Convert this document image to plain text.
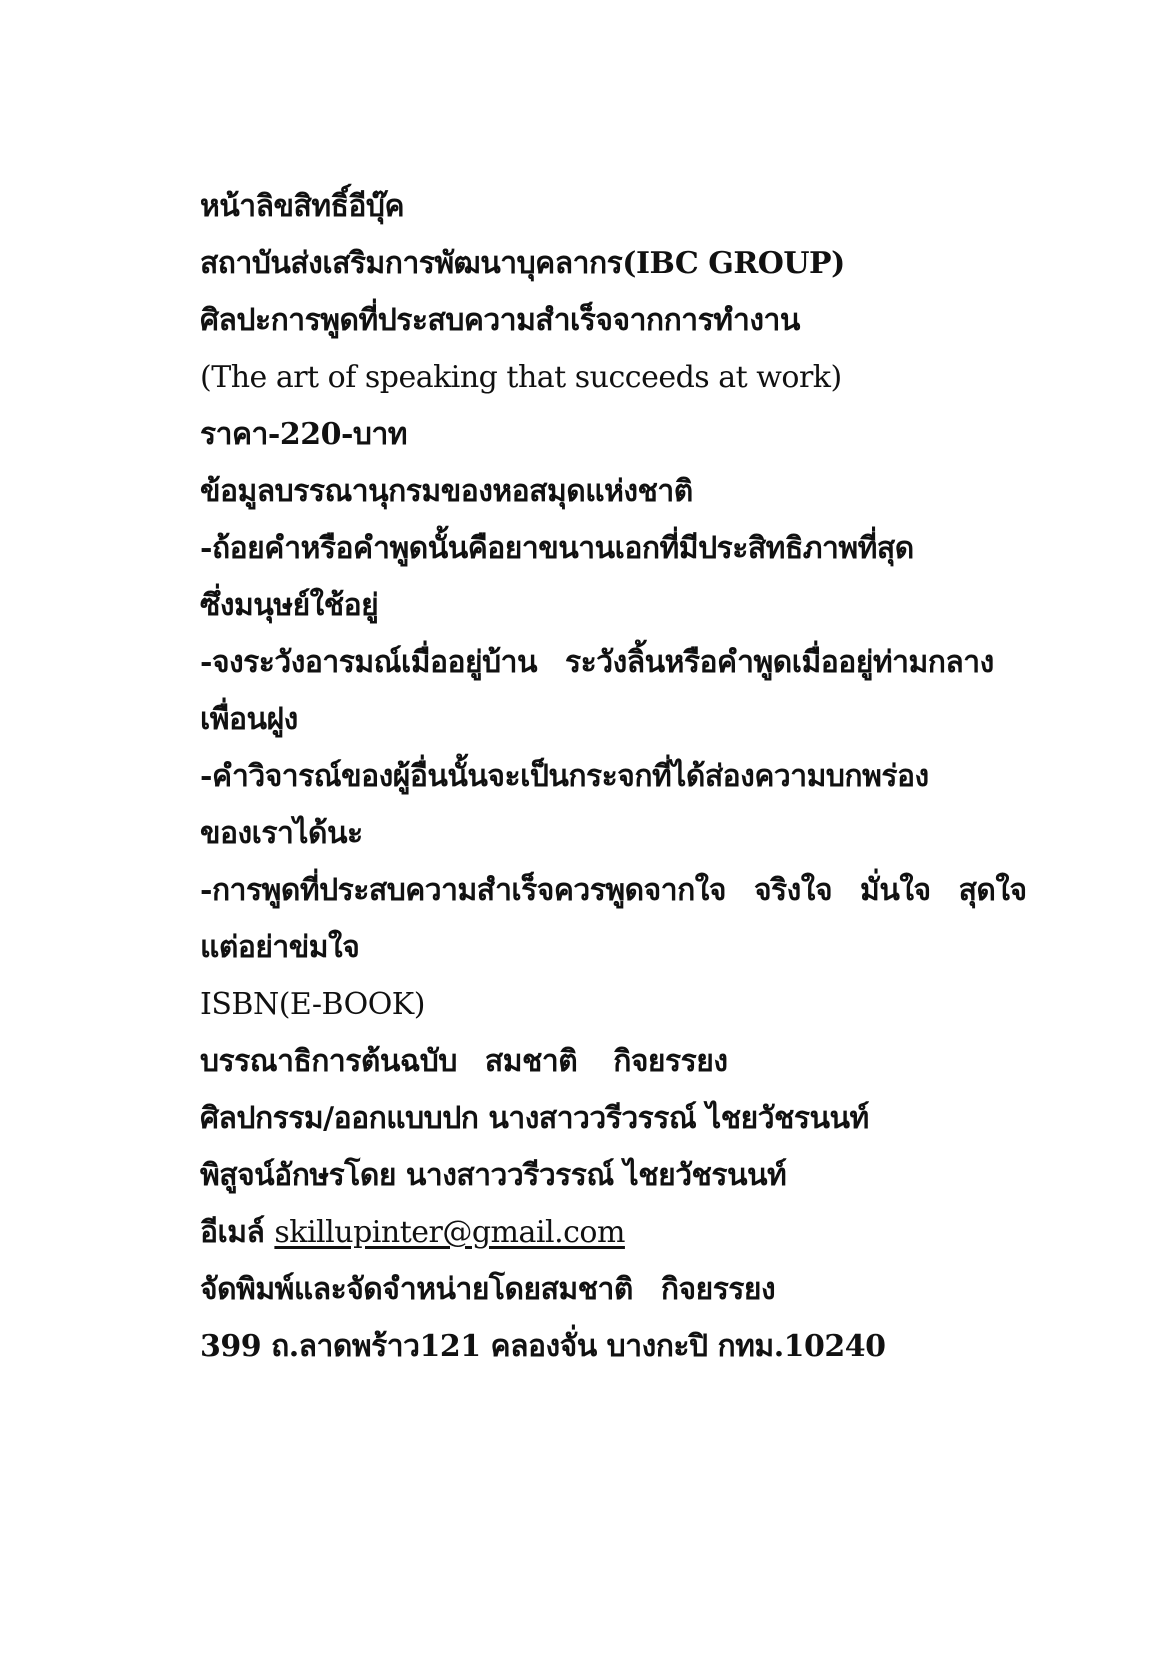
หน้าลิขสิทธิ์อีบุ๊ค
สถาบันส่งเสริมการพัฒนาบุคลากร(IBC GROUP)
ศิลปะการพูดที่ประสบความสำเร็จจากการทำงาน
(The art of speaking that succeeds at work)
ราคา-220-บาท
ข้อมูลบรรณานุกรมของหอสมุดแห่งชาติ
-ถ้อยคำหรือคำพูดนั้นคือยาขนานเอกที่มีประสิทธิภาพที่สุด
ซึ่งมนุษย์ใช้อยู่
-จงระวังอารมณ์เมื่ออยู่บ้าน ระวังลิ้นหรือคำพูดเมื่ออยู่ท่ามกลาง
เพื่อนฝูง
-คำวิจารณ์ของผู้อื่นนั้นจะเป็นกระจกที่ได้ส่องความบกพร่อง
ของเราได้นะ
-การพูดที่ประสบความสำเร็จควรพูดจากใจ จริงใจ มั่นใจ สุดใจ
แต่อย่าข่มใจ
ISBN(E-BOOK)
บรรณาธิการต้นฉบับ สมชาติ กิจยรรยง
ศิลปกรรม/ออกแบบปก นางสาววรีวรรณ์ ไชยวัชรนนท์
พิสูจน์อักษรโดย นางสาววรีวรรณ์ ไชยวัชรนนท์
อีเมล์ skillupinter@gmail.com
จัดพิมพ์และจัดจำหน่ายโดยสมชาติ กิจยรรยง
399 ถ.ลาดพร้าว121 คลองจั่น บางกะปิ กทม.10240
